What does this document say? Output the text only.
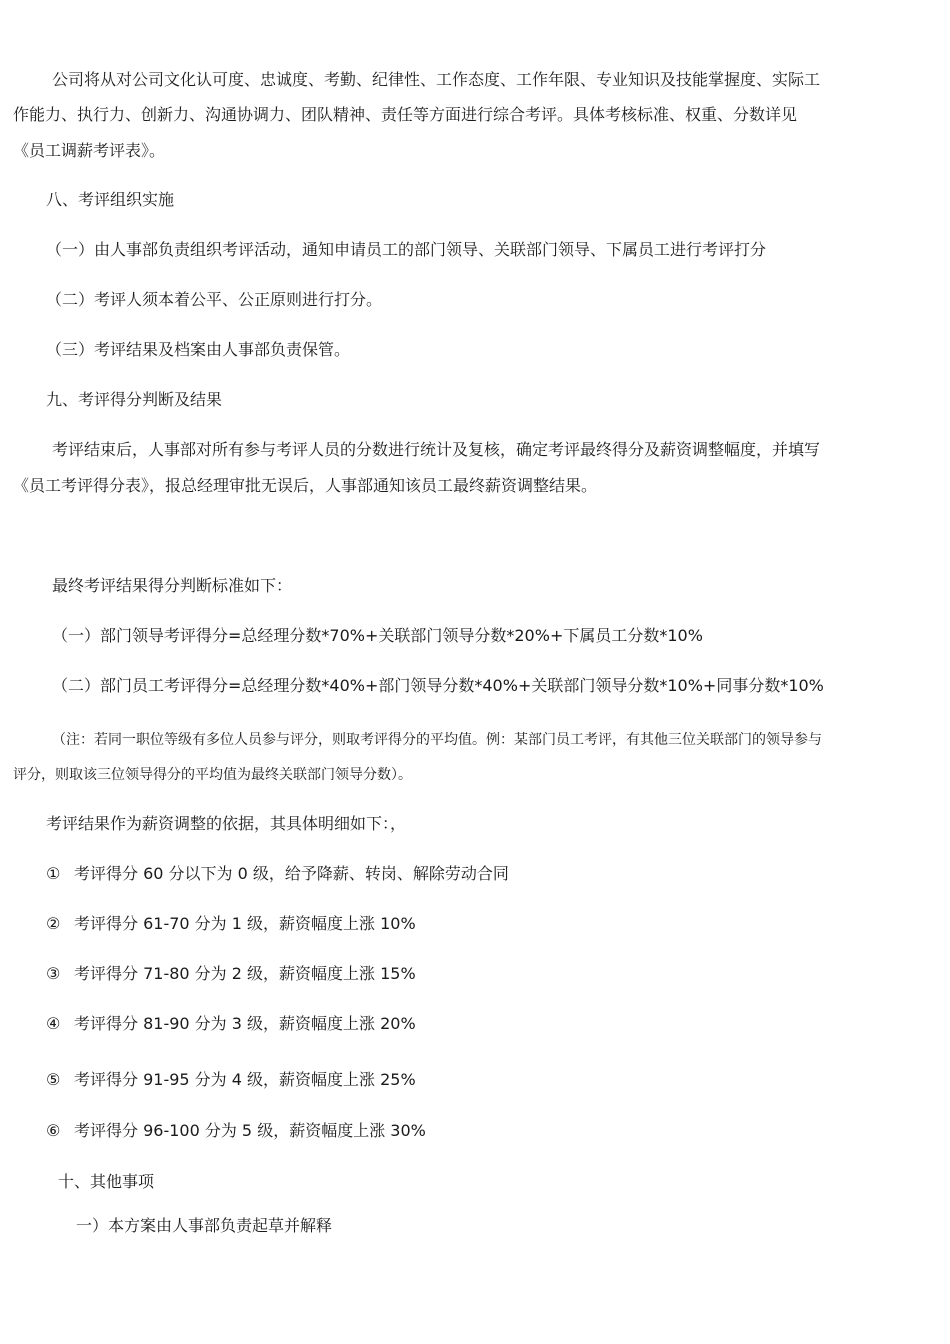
公司将从对公司文化认可度、忠诚度、考勤、纪律性、工作态度、工作年限、专业知识及技能掌握度、实际工
作能力、执行力、创新力、沟通协调力、团队精神、责任等方面进行综合考评。具体考核标准、权重、分数详见
《员工调薪考评表》。
八、考评组织实施
（一）由人事部负责组织考评活动，通知申请员工的部门领导、关联部门领导、下属员工进行考评打分
（二）考评人须本着公平、公正原则进行打分。
（三）考评结果及档案由人事部负责保管。
九、考评得分判断及结果
考评结束后，人事部对所有参与考评人员的分数进行统计及复核，确定考评最终得分及薪资调整幅度，并填写
《员工考评得分表》，报总经理审批无误后，人事部通知该员工最终薪资调整结果。
最终考评结果得分判断标准如下：
（一）部门领导考评得分=总经理分数*70%+关联部门领导分数*20%+下属员工分数*10%
（二）部门员工考评得分=总经理分数*40%+部门领导分数*40%+关联部门领导分数*10%+同事分数*10%
（注：若同一职位等级有多位人员参与评分，则取考评得分的平均值。例：某部门员工考评，有其他三位关联部门的领导参与
评分，则取该三位领导得分的平均值为最终关联部门领导分数）。
考评结果作为薪资调整的依据，其具体明细如下：，
① 考评得分 60 分以下为 0 级，给予降薪、转岗、解除劳动合同
② 考评得分 61-70 分为 1 级，薪资幅度上涨 10%
③ 考评得分 71-80 分为 2 级，薪资幅度上涨 15%
④ 考评得分 81-90 分为 3 级，薪资幅度上涨 20%
⑤ 考评得分 91-95 分为 4 级，薪资幅度上涨 25%
⑥ 考评得分 96-100 分为 5 级，薪资幅度上涨 30%
十、其他事项
一）本方案由人事部负责起草并解释
